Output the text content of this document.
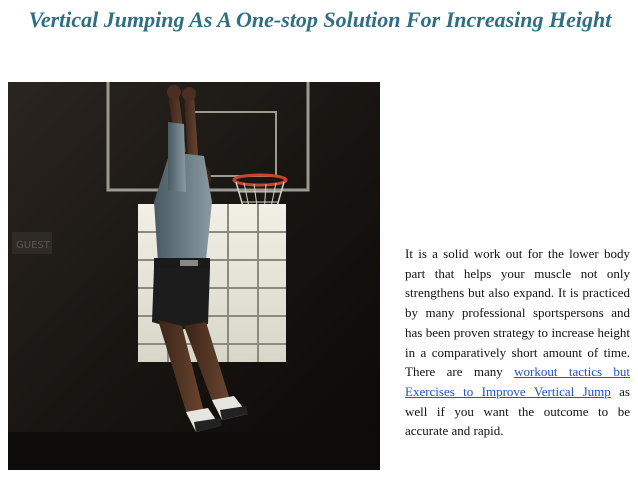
Vertical Jumping As A One-stop Solution For Increasing Height
GUEST

It is a solid work out for the lower body part that helps your muscle not only strengthens but also expand. It is practiced by many professional sportspersons and has been proven strategy to increase height in a comparatively short amount of time. There are many workout tactics but Exercises to Improve Vertical Jump as well if you want the outcome to be accurate and rapid.
